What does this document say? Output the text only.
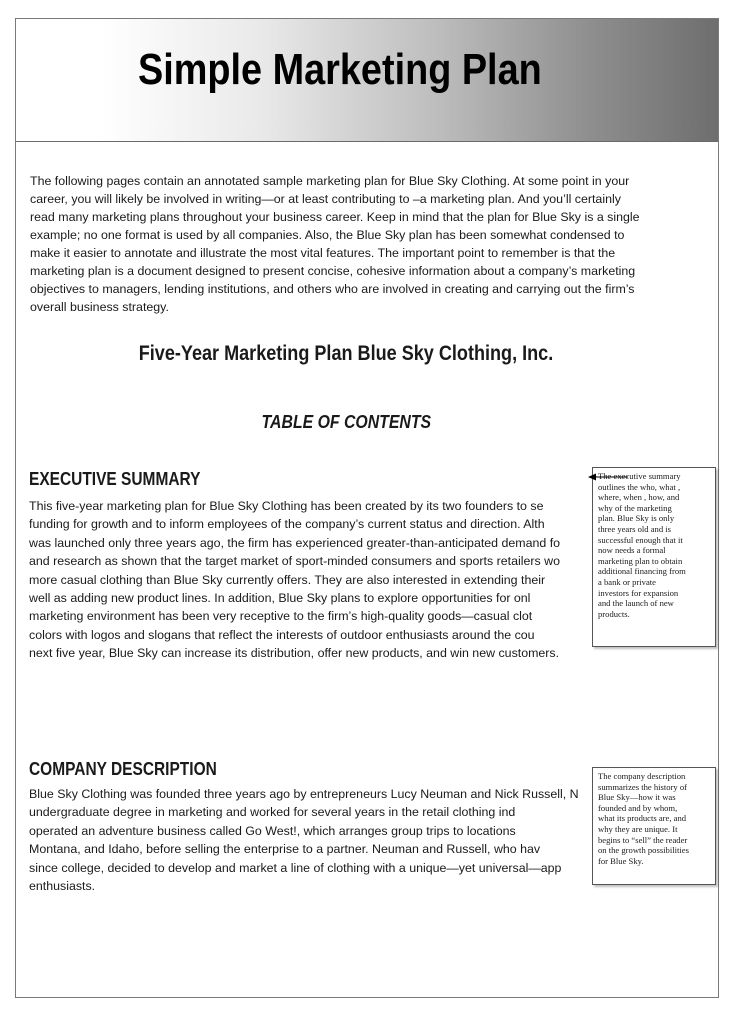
Simple Marketing Plan
The following pages contain an annotated sample marketing plan for Blue Sky Clothing. At some point in your
career, you will likely be involved in writing—or at least contributing to –a marketing plan. And you’ll certainly
read many marketing plans throughout your business career. Keep in mind that the plan for Blue Sky is a single
example; no one format is used by all companies. Also, the Blue Sky plan has been somewhat condensed to
make it easier to annotate and illustrate the most vital features. The important point to remember is that the
marketing plan is a document designed to present concise, cohesive information about a company’s marketing
objectives to managers, lending institutions, and others who are involved in creating and carrying out the firm’s
overall business strategy.
Five-Year Marketing Plan Blue Sky Clothing, Inc.
TABLE OF CONTENTS
EXECUTIVE SUMMARY
This five-year marketing plan for Blue Sky Clothing has been created by its two founders to se
funding for growth and to inform employees of the company’s current status and direction. Alth
was launched only three years ago, the firm has experienced greater-than-anticipated demand fo
and research as shown that the target market of sport-minded consumers and sports retailers wo
more casual clothing than Blue Sky currently offers. They are also interested in extending their
well as adding new product lines. In addition, Blue Sky plans to explore opportunities for onl
marketing environment has been very receptive to the firm’s high-quality goods—casual clot
colors with logos and slogans that reflect the interests of outdoor enthusiasts around the cou
next five year, Blue Sky can increase its distribution, offer new products, and win new customers.
The executive summary
outlines the who, what ,
where, when , how, and
why of the marketing
plan. Blue Sky is only
three years old and is
successful enough that it
now needs a formal
marketing plan to obtain
additional financing from
a bank or private
investors for expansion
and the launch of new
products.
COMPANY DESCRIPTION
Blue Sky Clothing was founded three years ago by entrepreneurs Lucy Neuman and Nick Russell, N
undergraduate degree in marketing and worked for several years in the retail clothing ind
operated an adventure business called Go West!, which arranges group trips to locations
Montana, and Idaho, before selling the enterprise to a partner. Neuman and Russell, who hav
since college, decided to develop and market a line of clothing with a unique—yet universal—app
enthusiasts.
The company description
summarizes the history of
Blue Sky—how it was
founded and by whom,
what its products are, and
why they are unique. It
begins to “sell” the reader
on the growth possibilities
for Blue Sky.
